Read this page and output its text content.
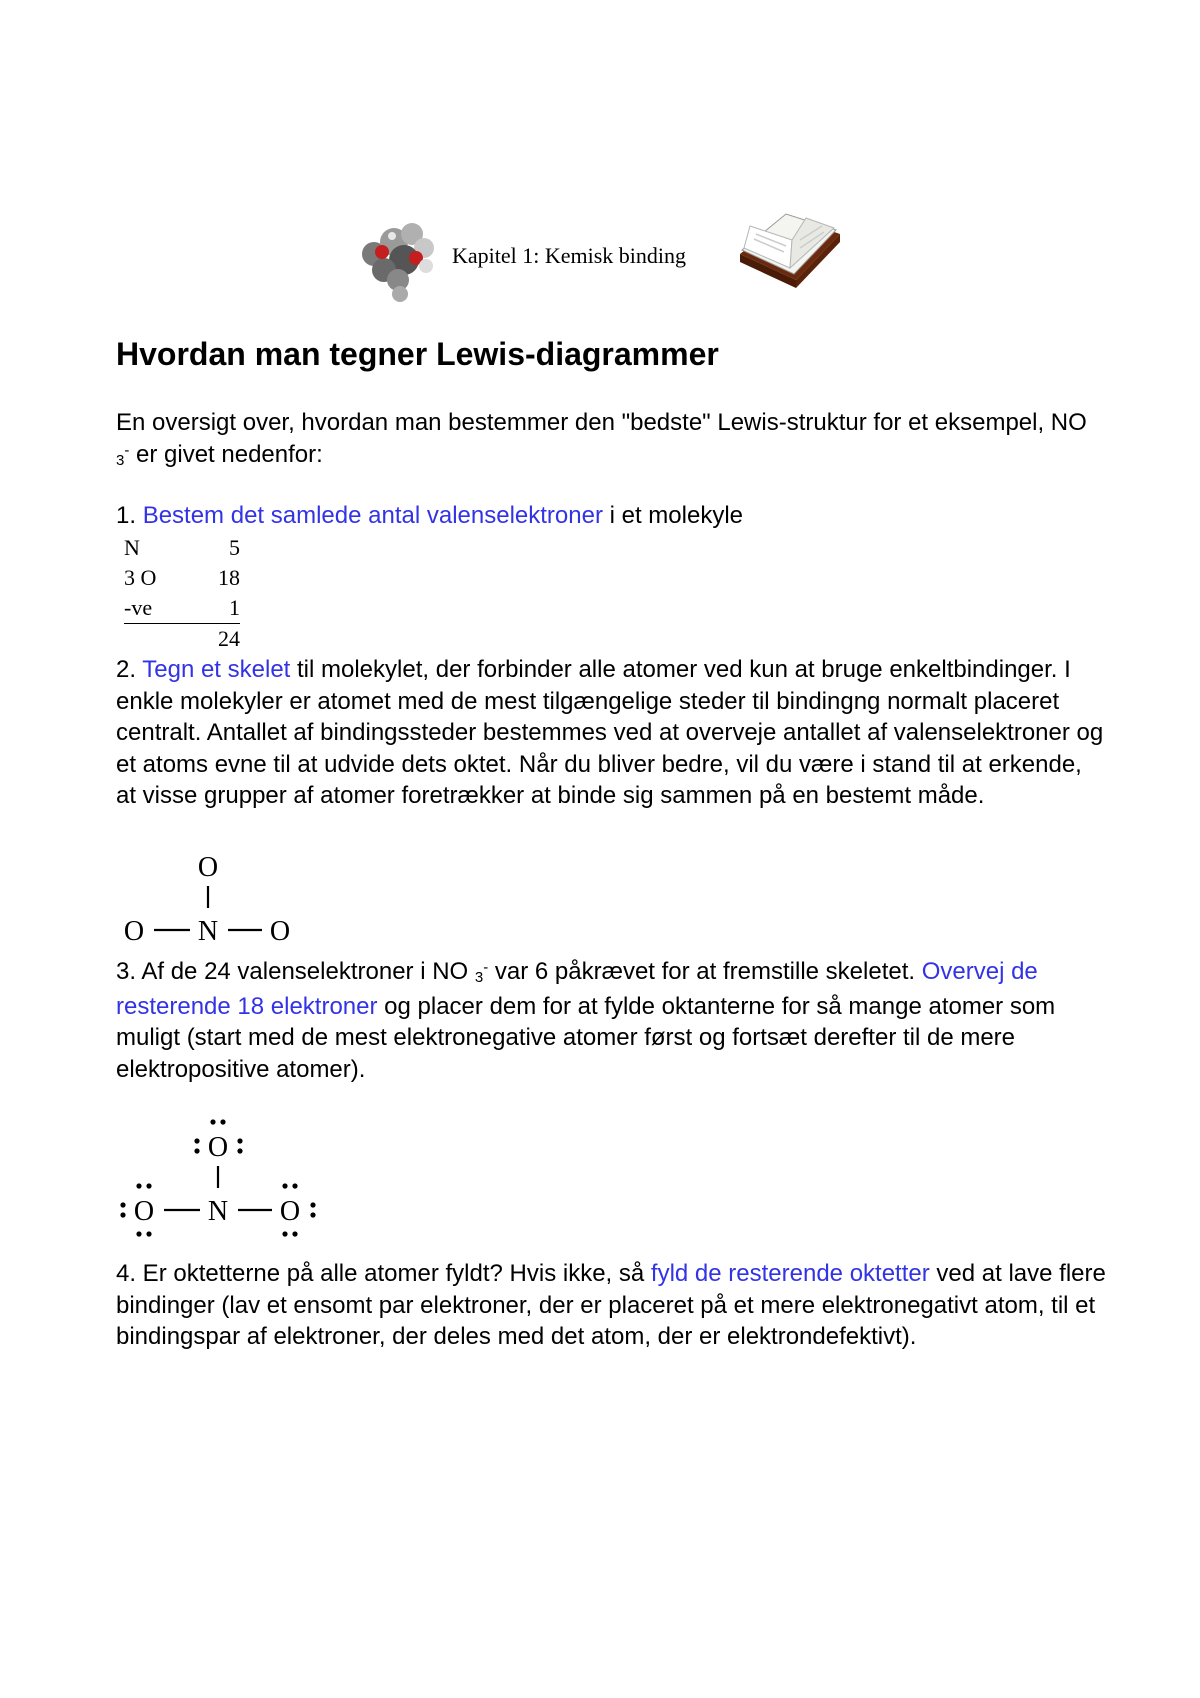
Kapitel 1: Kemisk binding
Hvordan man tegner Lewis-diagrammer

En oversigt over, hvordan man bestemmer den "bedste" Lewis-struktur for et eksempel, NO 3- er givet nedenfor:

1. Bestem det samlede antal valenselektroner i et molekyle

N	5
3 O	18
-ve	1
	24

2. Tegn et skelet til molekylet, der forbinder alle atomer ved kun at bruge enkeltbindinger. I enkle molekyler er atomet med de mest tilgængelige steder til bindingng normalt placeret centralt. Antallet af bindingssteder bestemmes ved at overveje antallet af valenselektroner og et atoms evne til at udvide dets oktet. Når du bliver bedre, vil du være i stand til at erkende, at visse grupper af atomer foretrækker at binde sig sammen på en bestemt måde.

O
O N O

3. Af de 24 valenselektroner i NO 3- var 6 påkrævet for at fremstille skeletet. Overvej de resterende 18 elektroner og placer dem for at fylde oktanterne for så mange atomer som muligt (start med de mest elektronegative atomer først og fortsæt derefter til de mere elektropositive atomer).

O
O N O

4. Er oktetterne på alle atomer fyldt? Hvis ikke, så fyld de resterende oktetter ved at lave flere bindinger (lav et ensomt par elektroner, der er placeret på et mere elektronegativt atom, til et bindingspar af elektroner, der deles med det atom, der er elektrondefektivt).
